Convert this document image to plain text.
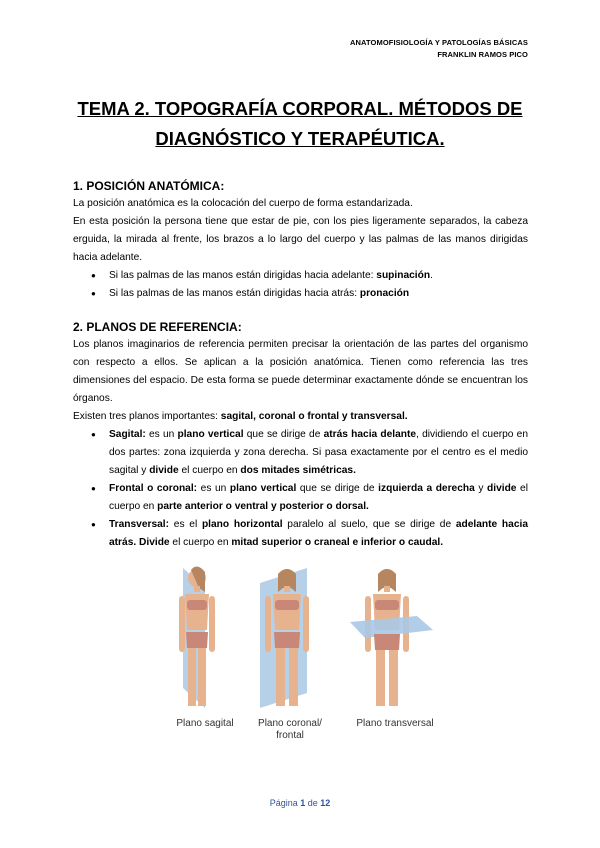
ANATOMOFISIOLOGÍA Y PATOLOGÍAS BÁSICAS
FRANKLIN RAMOS PICO
TEMA 2. TOPOGRAFÍA CORPORAL. MÉTODOS DE
DIAGNÓSTICO Y TERAPÉUTICA.
1. POSICIÓN ANATÓMICA:

La posición anatómica es la colocación del cuerpo de forma estandarizada.

En esta posición la persona tiene que estar de pie, con los pies ligeramente separados, la cabeza erguida, la mirada al frente, los brazos a lo largo del cuerpo y las palmas de las manos dirigidas hacia adelante.

● Si las palmas de las manos están dirigidas hacia adelante: supinación.
● Si las palmas de las manos están dirigidas hacia atrás: pronación
2. PLANOS DE REFERENCIA:

Los planos imaginarios de referencia permiten precisar la orientación de las partes del organismo con respecto a ellos. Se aplican a la posición anatómica. Tienen como referencia las tres dimensiones del espacio. De esta forma se puede determinar exactamente dónde se encuentran los órganos.

Existen tres planos importantes: sagital, coronal o frontal y transversal.

● Sagital: es un plano vertical que se dirige de atrás hacia delante, dividiendo el cuerpo en dos partes: zona izquierda y zona derecha. Si pasa exactamente por el centro es el medio sagital y divide el cuerpo en dos mitades simétricas.
● Frontal o coronal: es un plano vertical que se dirige de izquierda a derecha y divide el cuerpo en parte anterior o ventral y posterior o dorsal.
● Transversal: es el plano horizontal paralelo al suelo, que se dirige de adelante hacia atrás. Divide el cuerpo en mitad superior o craneal e inferior o caudal.
Plano sagital	Plano coronal/
frontal
Plano transversal
Página 1 de 12
